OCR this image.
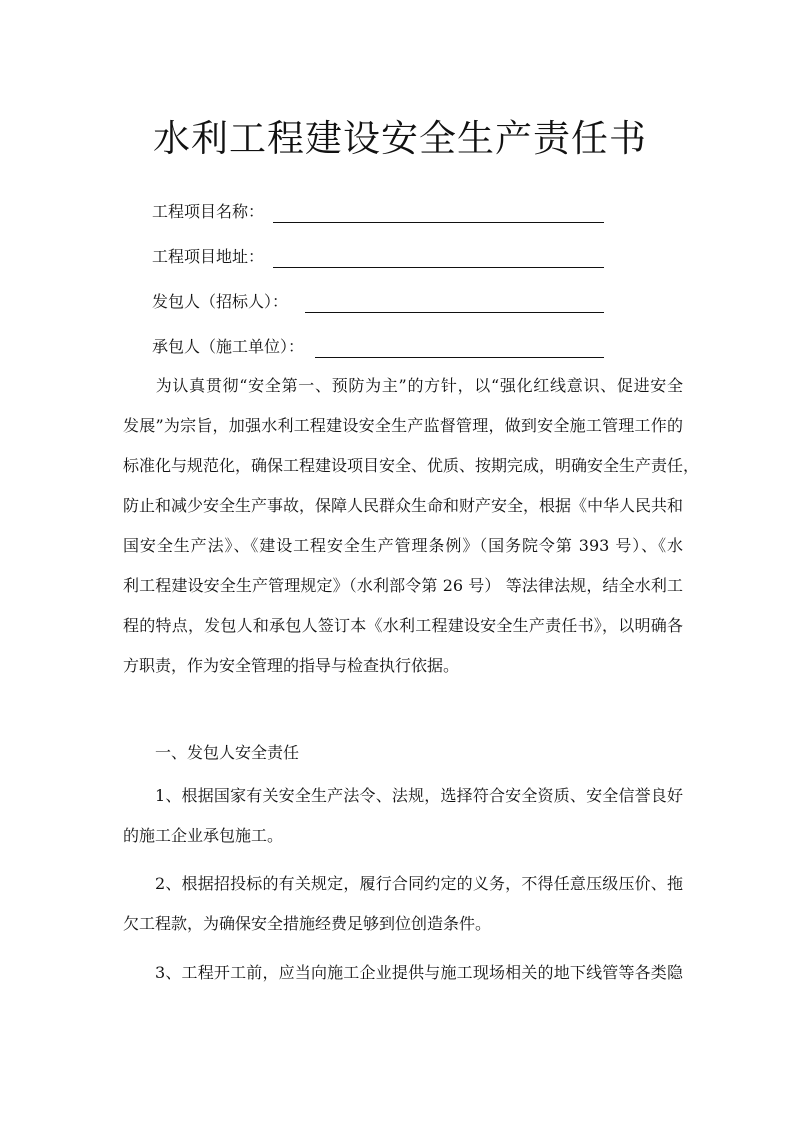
水利工程建设安全生产责任书
工程项目名称：
工程项目地址：
发包人（招标人）：
承包人（施工单位）：
为认真贯彻“安全第一、预防为主”的方针，以“强化红线意识、促进安全
发展”为宗旨，加强水利工程建设安全生产监督管理，做到安全施工管理工作的
标准化与规范化，确保工程建设项目安全、优质、按期完成，明确安全生产责任，
防止和减少安全生产事故，保障人民群众生命和财产安全，根据《中华人民共和
国安全生产法》、《建设工程安全生产管理条例》（国务院令第 393 号）、《水
利工程建设安全生产管理规定》（水利部令第 26 号） 等法律法规，结全水利工
程的特点，发包人和承包人签订本《水利工程建设安全生产责任书》，以明确各
方职责，作为安全管理的指导与检查执行依据。
一、发包人安全责任
1、根据国家有关安全生产法令、法规，选择符合安全资质、安全信誉良好
的施工企业承包施工。
2、根据招投标的有关规定，履行合同约定的义务，不得任意压级压价、拖
欠工程款，为确保安全措施经费足够到位创造条件。
3、工程开工前，应当向施工企业提供与施工现场相关的地下线管等各类隐
